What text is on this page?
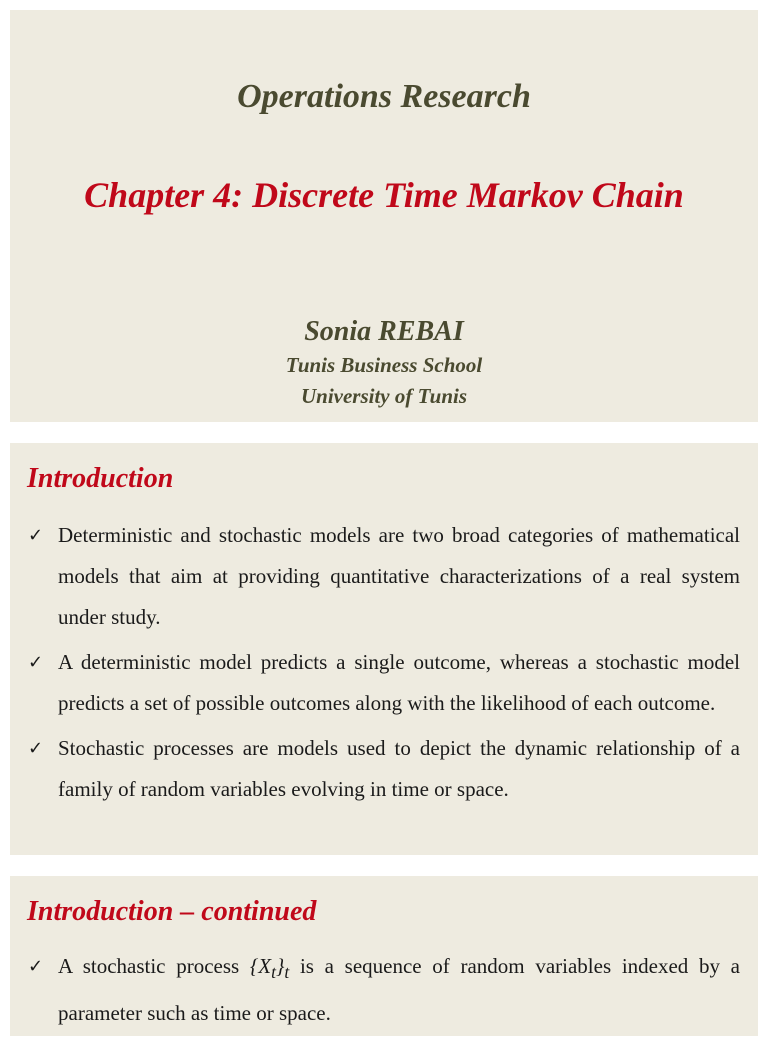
Operations Research
Chapter 4: Discrete Time Markov Chain
Sonia REBAI
Tunis Business School
University of Tunis
Introduction
✓ Deterministic and stochastic models are two broad categories of mathematical models that aim at providing quantitative characterizations of a real system under study.
✓ A deterministic model predicts a single outcome, whereas a stochastic model predicts a set of possible outcomes along with the likelihood of each outcome.
✓ Stochastic processes are models used to depict the dynamic relationship of a family of random variables evolving in time or space.
Introduction – continued
✓ A stochastic process $\{X_t\}_t$ is a sequence of random variables indexed by a parameter such as time or space.
